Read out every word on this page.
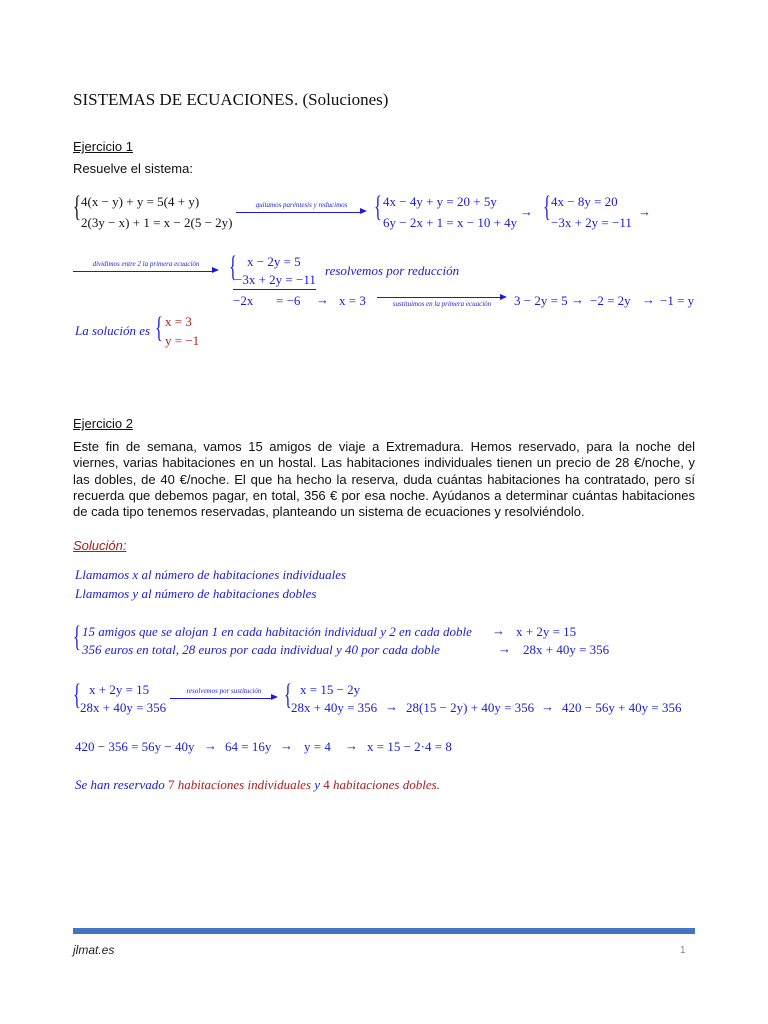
SISTEMAS DE ECUACIONES. (Soluciones)
Ejercicio 1
Resuelve el sistema:
{ 4(x − y) + y = 5(4 + y)
2(3y − x) + 1 = x − 2(5 − 2y)
quitamos paréntesis y reducimos { 4x − 4y + y = 20 + 5y
6y − 2x + 1 = x − 10 + 4y
→ { 4x − 8y = 20
−3x + 2y = −11
→
dividimos entre 2 la primera ecuación { x − 2y = 5
−3x + 2y = −11
resolvemos por reducción
−2x = −6 → x = 3	sustituimos en la primera ecuación	3 − 2y = 5 → −2 = 2y → −1 = y
La solución es { x = 3
y = −1
Ejercicio 2
Este fin de semana, vamos 15 amigos de viaje a Extremadura. Hemos reservado, para la noche del viernes, varias habitaciones en un hostal. Las habitaciones individuales tienen un precio de 28 €/noche, y las dobles, de 40 €/noche. El que ha hecho la reserva, duda cuántas habitaciones ha contratado, pero sí recuerda que debemos pagar, en total, 356 € por esa noche. Ayúdanos a determinar cuántas habitaciones de cada tipo tenemos reservadas, planteando un sistema de ecuaciones y resolviéndolo.
Solución:
Llamamos x al número de habitaciones individuales
Llamamos y al número de habitaciones dobles
{ 15 amigos que se alojan 1 en cada habitación individual y 2 en cada doble → x + 2y = 15
356 euros en total, 28 euros por cada individual y 40 por cada doble	→ 28x + 40y = 356
{ x + 2y = 15
28x + 40y = 356
resolvemos por sustitución { x = 15 − 2y
28x + 40y = 356 → 28(15 − 2y) + 40y = 356 → 420 − 56y + 40y = 356
420 − 356 = 56y − 40y → 64 = 16y → y = 4 → x = 15 − 2·4 = 8
Se han reservado 7 habitaciones individuales y 4 habitaciones dobles.
jlmat.es	1
